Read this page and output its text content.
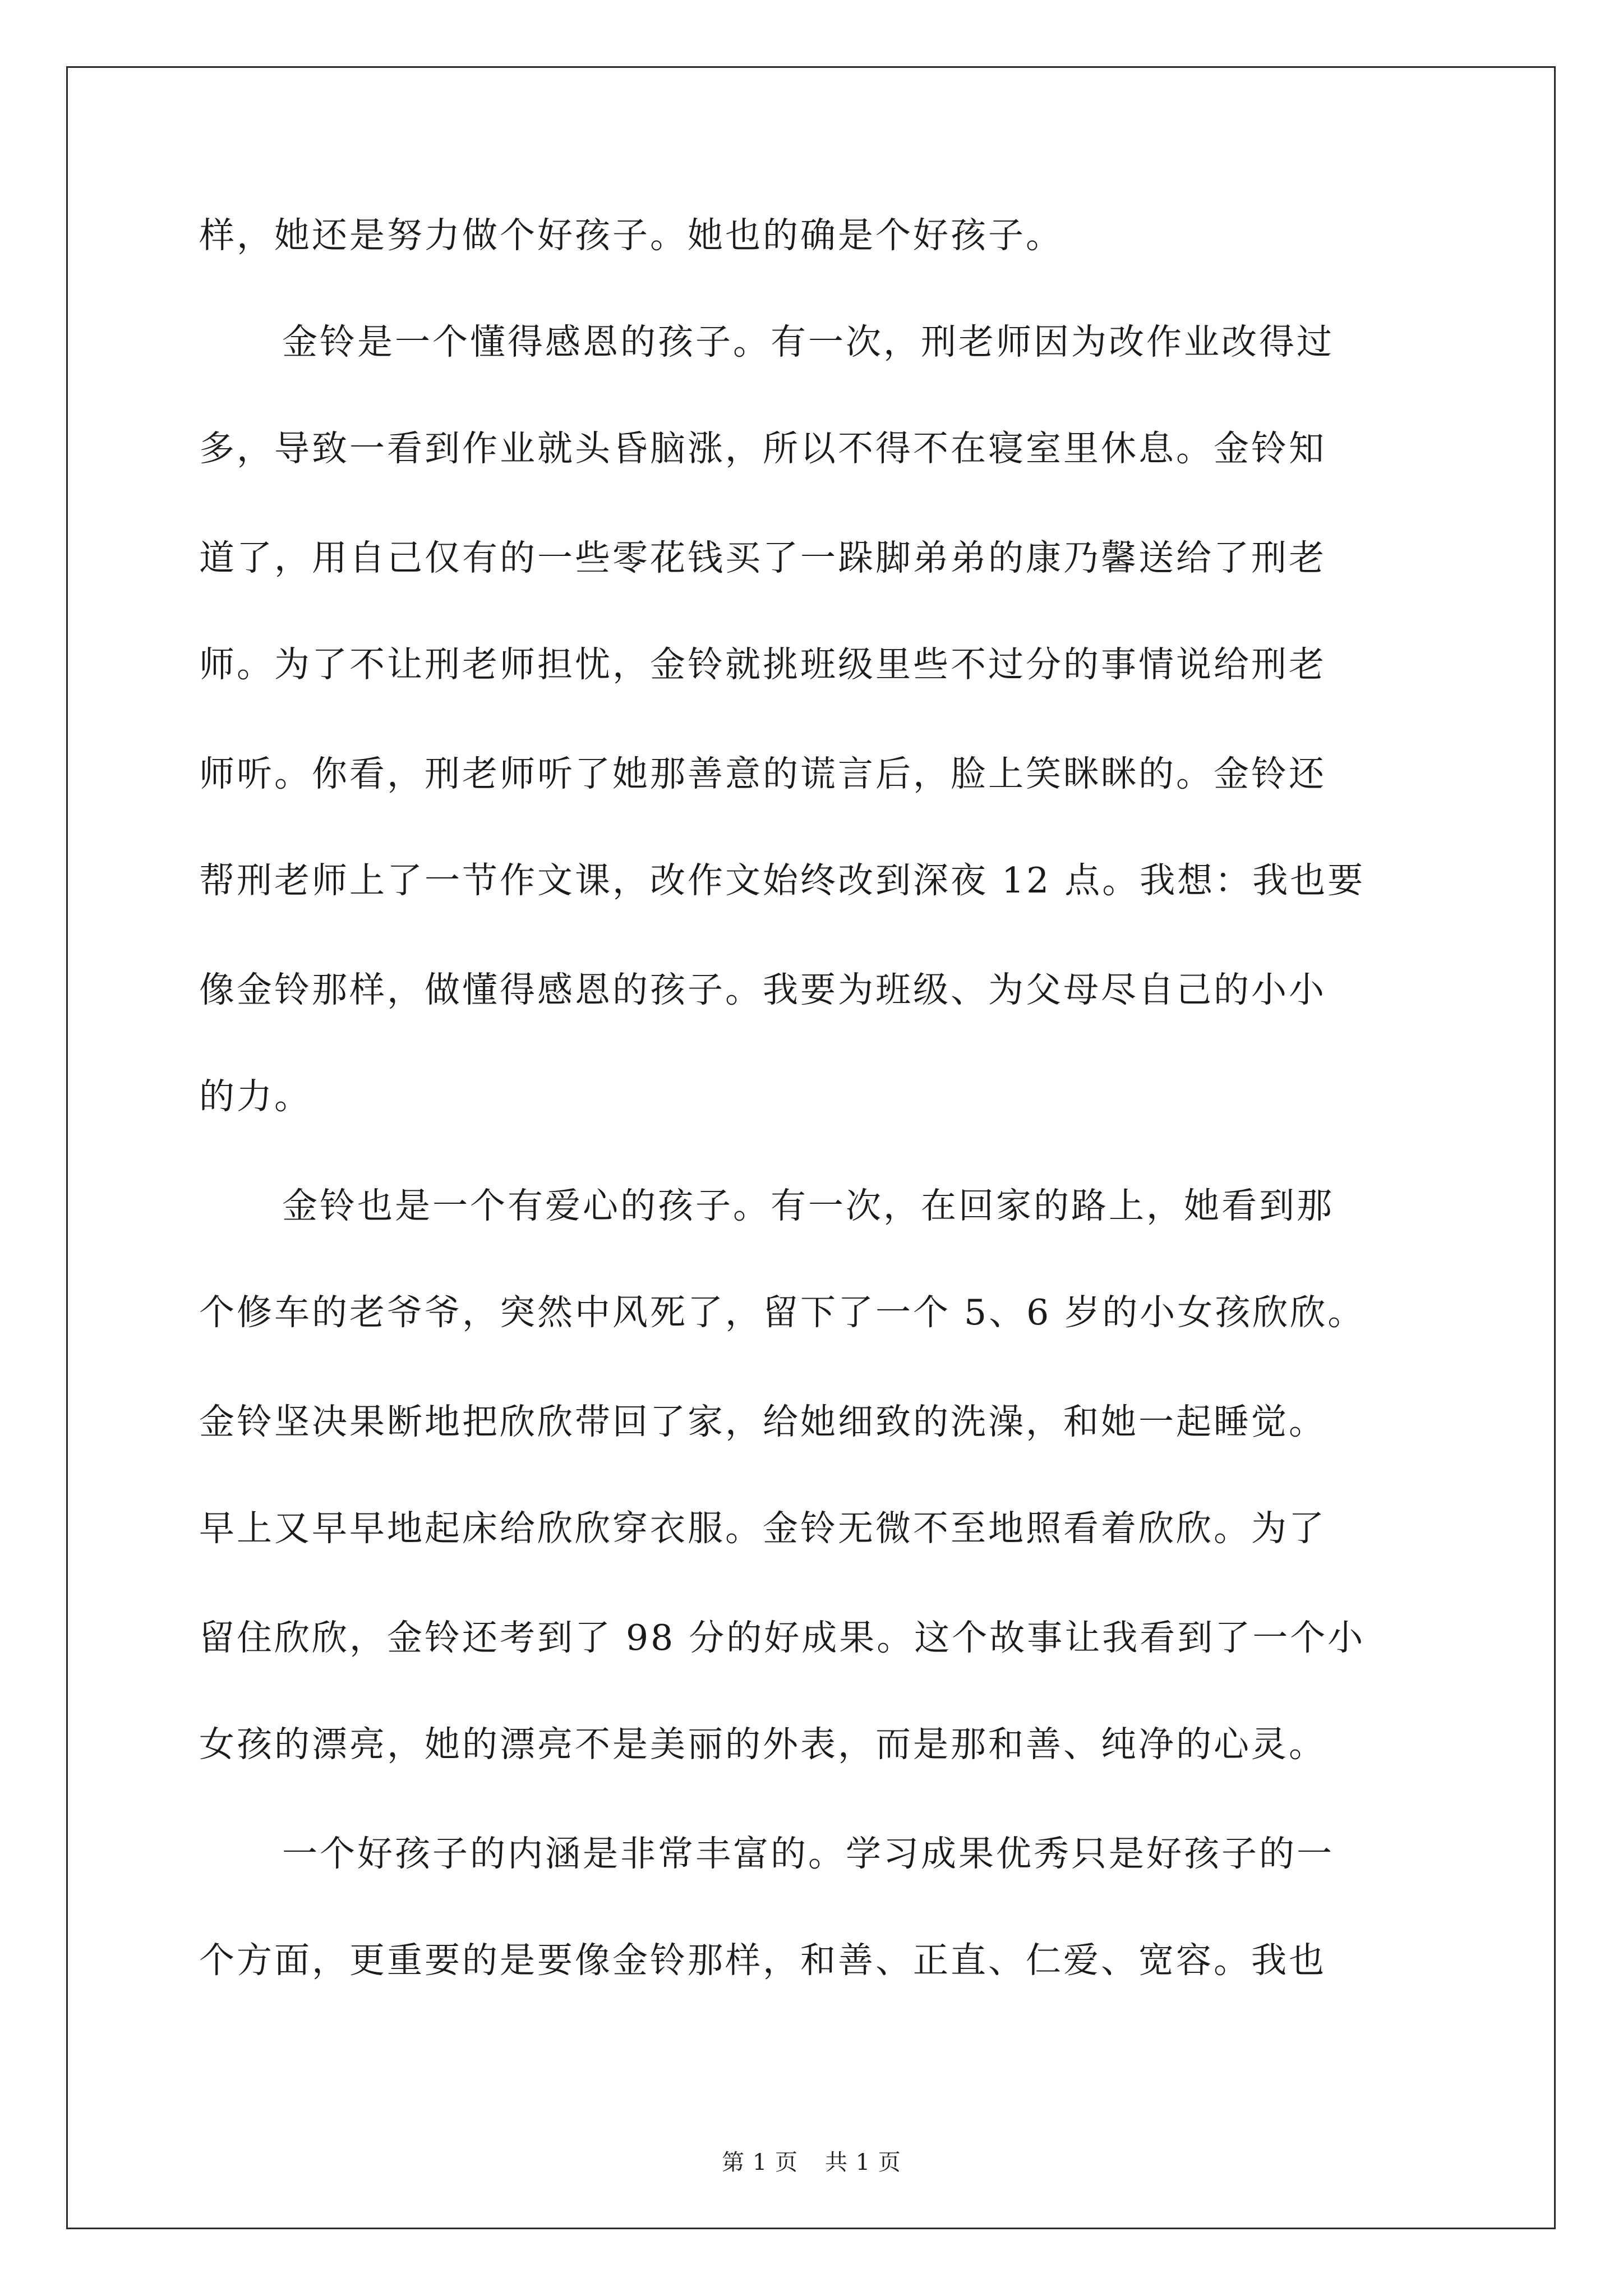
样，她还是努力做个好孩子。她也的确是个好孩子。
金铃是一个懂得感恩的孩子。有一次，刑老师因为改作业改得过
多，导致一看到作业就头昏脑涨，所以不得不在寝室里休息。金铃知
道了，用自己仅有的一些零花钱买了一跺脚弟弟的康乃馨送给了刑老
师。为了不让刑老师担忧，金铃就挑班级里些不过分的事情说给刑老
师听。你看，刑老师听了她那善意的谎言后，脸上笑眯眯的。金铃还
帮刑老师上了一节作文课，改作文始终改到深夜 12 点。我想：我也要
像金铃那样，做懂得感恩的孩子。我要为班级、为父母尽自己的小小
的力。
金铃也是一个有爱心的孩子。有一次，在回家的路上，她看到那
个修车的老爷爷，突然中风死了，留下了一个 5、6 岁的小女孩欣欣。
金铃坚决果断地把欣欣带回了家，给她细致的洗澡，和她一起睡觉。
早上又早早地起床给欣欣穿衣服。金铃无微不至地照看着欣欣。为了
留住欣欣，金铃还考到了 98 分的好成果。这个故事让我看到了一个小
女孩的漂亮，她的漂亮不是美丽的外表，而是那和善、纯净的心灵。
一个好孩子的内涵是非常丰富的。学习成果优秀只是好孩子的一
个方面，更重要的是要像金铃那样，和善、正直、仁爱、宽容。我也
第 1 页 共 1 页
